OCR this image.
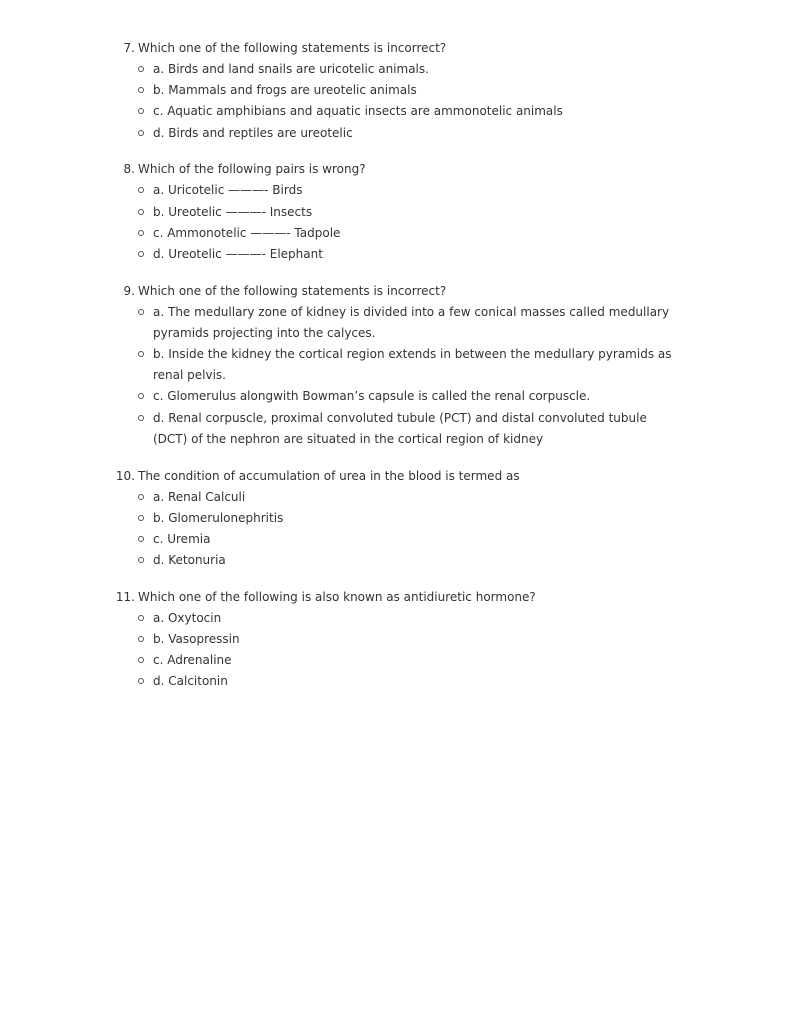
7. Which one of the following statements is incorrect?
a. Birds and land snails are uricotelic animals.
b. Mammals and frogs are ureotelic animals
c. Aquatic amphibians and aquatic insects are ammonotelic animals
d. Birds and reptiles are ureotelic
8. Which of the following pairs is wrong?
a. Uricotelic ———- Birds
b. Ureotelic ———- Insects
c. Ammonotelic ———- Tadpole
d. Ureotelic ———- Elephant
9. Which one of the following statements is incorrect?
a. The medullary zone of kidney is divided into a few conical masses called medullary pyramids projecting into the calyces.
b. Inside the kidney the cortical region extends in between the medullary pyramids as renal pelvis.
c. Glomerulus alongwith Bowman’s capsule is called the renal corpuscle.
d. Renal corpuscle, proximal convoluted tubule (PCT) and distal convoluted tubule (DCT) of the nephron are situated in the cortical region of kidney
10. The condition of accumulation of urea in the blood is termed as
a. Renal Calculi
b. Glomerulonephritis
c. Uremia
d. Ketonuria
11. Which one of the following is also known as antidiuretic hormone?
a. Oxytocin
b. Vasopressin
c. Adrenaline
d. Calcitonin
